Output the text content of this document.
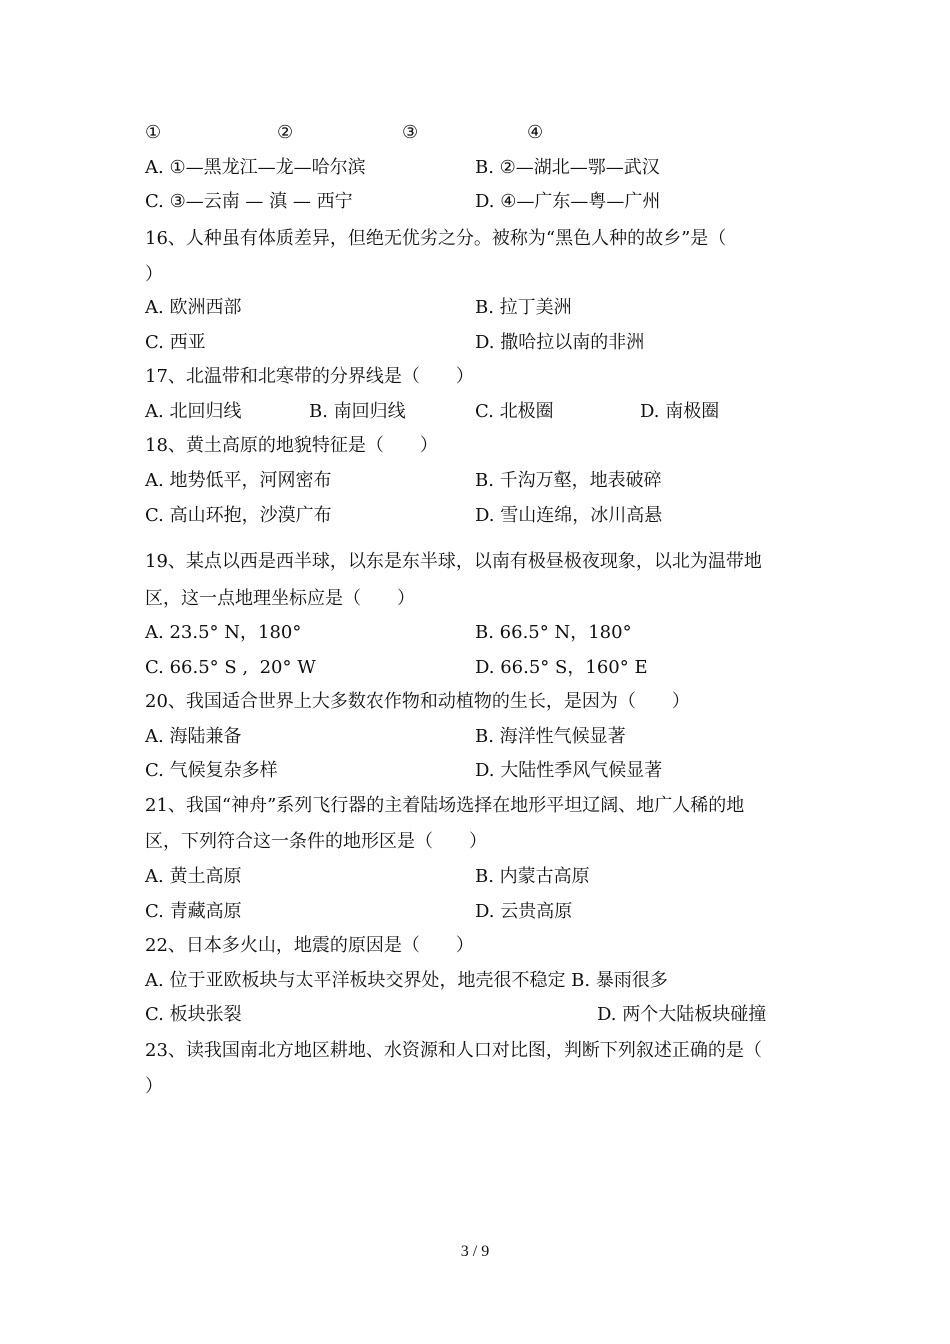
①	②	③	④
A. ①—黑龙江—龙—哈尔滨	B. ②—湖北—鄂—武汉
C. ③—云南 — 滇 — 西宁	D. ④—广东—粤—广州
16、人种虽有体质差异，但绝无优劣之分。被称为“黑色人种的故乡”是（
）
A. 欧洲西部	B. 拉丁美洲
C. 西亚	D. 撒哈拉以南的非洲
17、北温带和北寒带的分界线是（　　）
A. 北回归线	B. 南回归线	C. 北极圈	D. 南极圈
18、黄土高原的地貌特征是（　　）
A. 地势低平，河网密布	B. 千沟万壑，地表破碎
C. 高山环抱，沙漠广布	D. 雪山连绵，冰川高悬
19、某点以西是西半球，以东是东半球，以南有极昼极夜现象，以北为温带地
区，这一点地理坐标应是（　　）
A. 23.5° N，180°	B. 66.5° N，180°
C. 66.5° S ,  20° W	D. 66.5° S，160° E
20、我国适合世界上大多数农作物和动植物的生长，是因为（　　）
A. 海陆兼备	B. 海洋性气候显著
C. 气候复杂多样	D. 大陆性季风气候显著
21、我国“神舟”系列飞行器的主着陆场选择在地形平坦辽阔、地广人稀的地
区，下列符合这一条件的地形区是（　　）
A. 黄土高原	B. 内蒙古高原
C. 青藏高原	D. 云贵高原
22、日本多火山，地震的原因是（　　）
A. 位于亚欧板块与太平洋板块交界处，地壳很不稳定 B. 暴雨很多
C. 板块张裂	D. 两个大陆板块碰撞
23、读我国南北方地区耕地、水资源和人口对比图，判断下列叙述正确的是（
）
3 / 9
